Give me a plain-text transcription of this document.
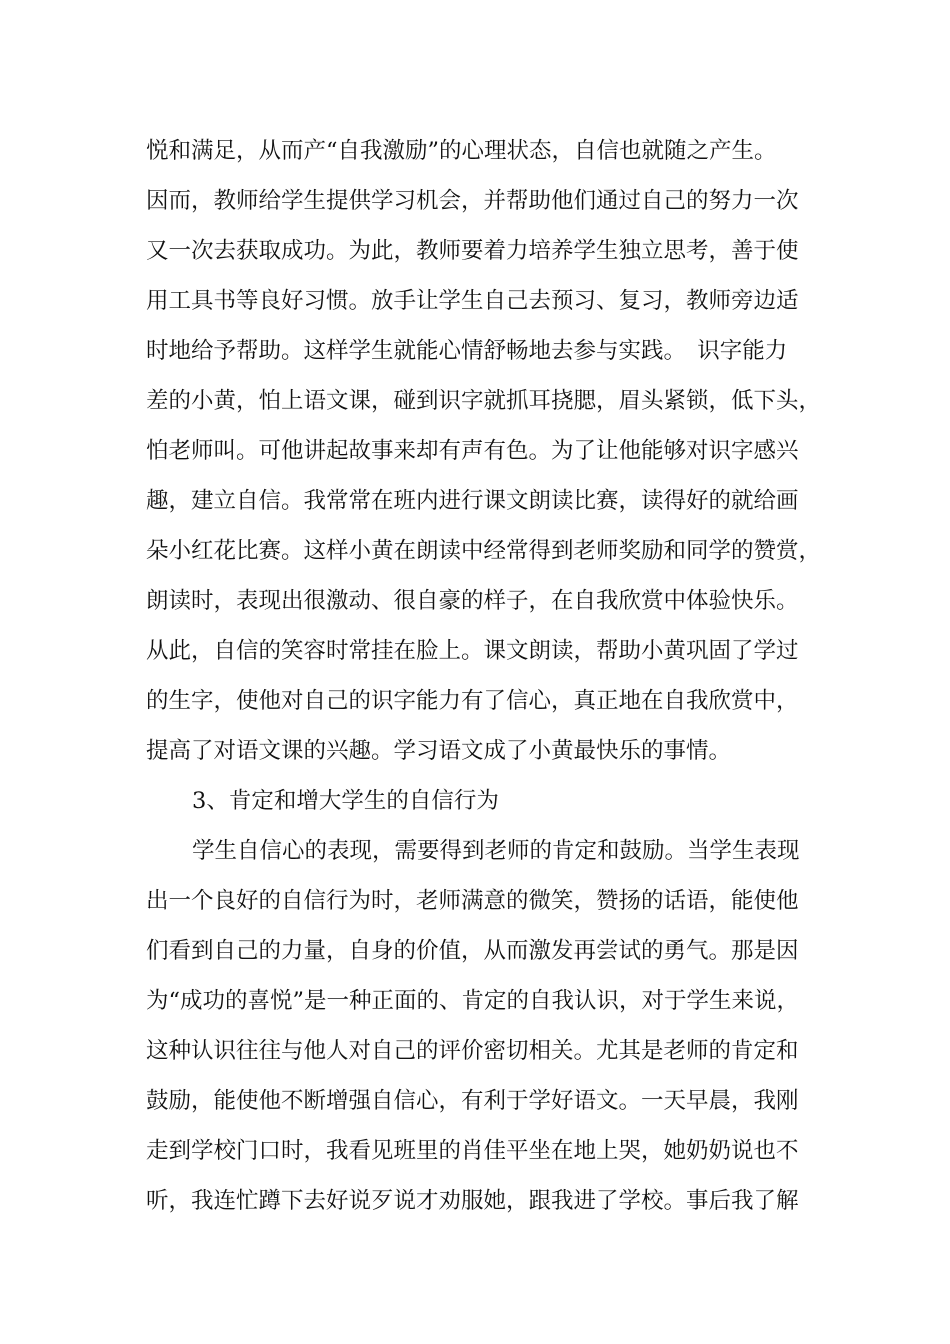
悦和满足，从而产“自我激励”的心理状态，自信也就随之产生。
因而，教师给学生提供学习机会，并帮助他们通过自己的努力一次
又一次去获取成功。为此，教师要着力培养学生独立思考，善于使
用工具书等良好习惯。放手让学生自己去预习、复习，教师旁边适
时地给予帮助。这样学生就能心情舒畅地去参与实践。　识字能力
差的小黄，怕上语文课，碰到识字就抓耳挠腮，眉头紧锁，低下头，
怕老师叫。可他讲起故事来却有声有色。为了让他能够对识字感兴
趣，建立自信。我常常在班内进行课文朗读比赛，读得好的就给画
朵小红花比赛。这样小黄在朗读中经常得到老师奖励和同学的赞赏，
朗读时，表现出很激动、很自豪的样子，在自我欣赏中体验快乐。
从此，自信的笑容时常挂在脸上。课文朗读，帮助小黄巩固了学过
的生字，使他对自己的识字能力有了信心，真正地在自我欣赏中，
提高了对语文课的兴趣。学习语文成了小黄最快乐的事情。
3、肯定和增大学生的自信行为
学生自信心的表现，需要得到老师的肯定和鼓励。当学生表现
出一个良好的自信行为时，老师满意的微笑，赞扬的话语，能使他
们看到自己的力量，自身的价值，从而激发再尝试的勇气。那是因
为“成功的喜悦”是一种正面的、肯定的自我认识，对于学生来说，
这种认识往往与他人对自己的评价密切相关。尤其是老师的肯定和
鼓励，能使他不断增强自信心，有利于学好语文。一天早晨，我刚
走到学校门口时，我看见班里的肖佳平坐在地上哭，她奶奶说也不
听，我连忙蹲下去好说歹说才劝服她，跟我进了学校。事后我了解
